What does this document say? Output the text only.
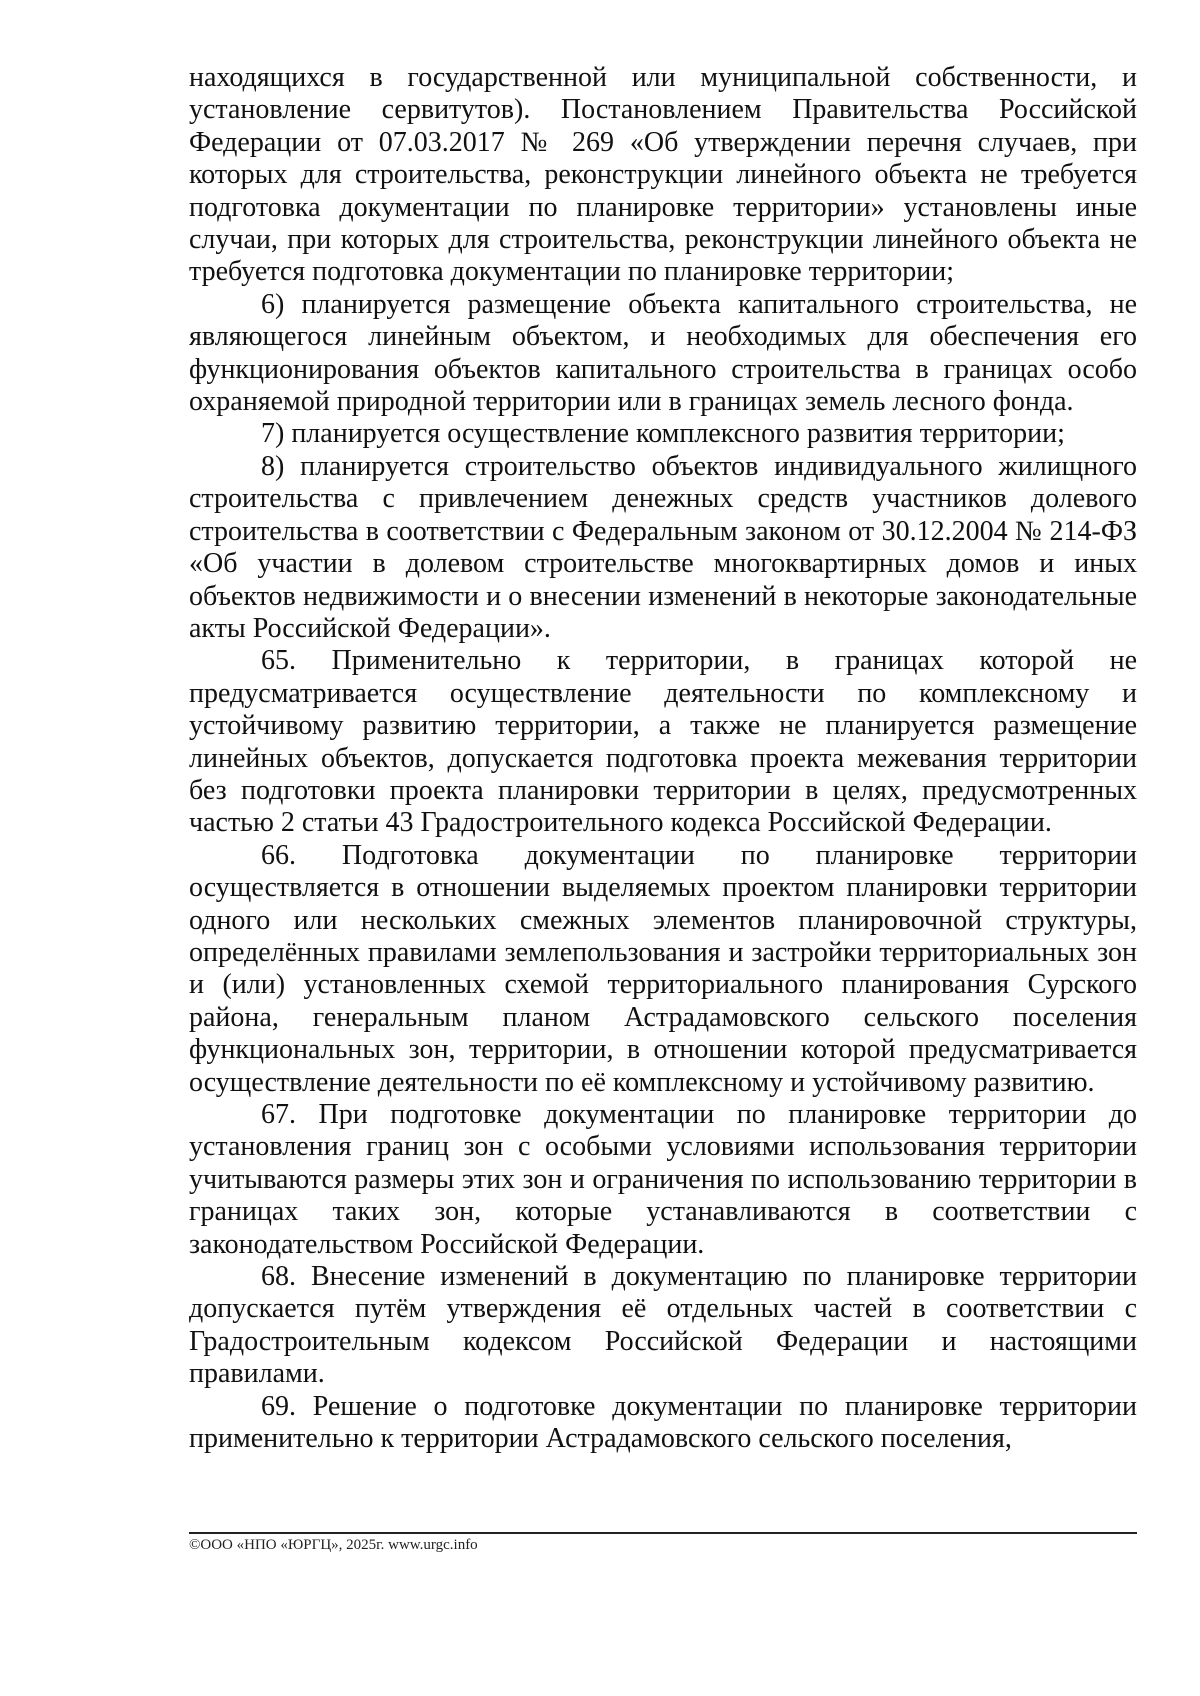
находящихся в государственной или муниципальной собственности, и установление сервитутов). Постановлением Правительства Российской Федерации от 07.03.2017 № 269 «Об утверждении перечня случаев, при которых для строительства, реконструкции линейного объекта не требуется подготовка документации по планировке территории» установлены иные случаи, при которых для строительства, реконструкции линейного объекта не требуется подготовка документации по планировке территории;

6) планируется размещение объекта капитального строительства, не являющегося линейным объектом, и необходимых для обеспечения его функционирования объектов капитального строительства в границах особо охраняемой природной территории или в границах земель лесного фонда.

7) планируется осуществление комплексного развития территории;

8) планируется строительство объектов индивидуального жилищного строительства с привлечением денежных средств участников долевого строительства в соответствии с Федеральным законом от 30.12.2004 № 214-ФЗ «Об участии в долевом строительстве многоквартирных домов и иных объектов недвижимости и о внесении изменений в некоторые законодательные акты Российской Федерации».

65. Применительно к территории, в границах которой не предусматривается осуществление деятельности по комплексному и устойчивому развитию территории, а также не планируется размещение линейных объектов, допускается подготовка проекта межевания территории без подготовки проекта планировки территории в целях, предусмотренных частью 2 статьи 43 Градостроительного кодекса Российской Федерации.

66. Подготовка документации по планировке территории осуществляется в отношении выделяемых проектом планировки территории одного или нескольких смежных элементов планировочной структуры, определённых правилами землепользования и застройки территориальных зон и (или) установленных схемой территориального планирования Сурского района, генеральным планом Астрадамовского сельского поселения функциональных зон, территории, в отношении которой предусматривается осуществление деятельности по её комплексному и устойчивому развитию.

67. При подготовке документации по планировке территории до установления границ зон с особыми условиями использования территории учитываются размеры этих зон и ограничения по использованию территории в границах таких зон, которые устанавливаются в соответствии с законодательством Российской Федерации.

68. Внесение изменений в документацию по планировке территории допускается путём утверждения её отдельных частей в соответствии с Градостроительным кодексом Российской Федерации и настоящими правилами.

69. Решение о подготовке документации по планировке территории применительно к территории Астрадамовского сельского поселения,

©ООО «НПО «ЮРГЦ», 2025г. www.urgc.info
